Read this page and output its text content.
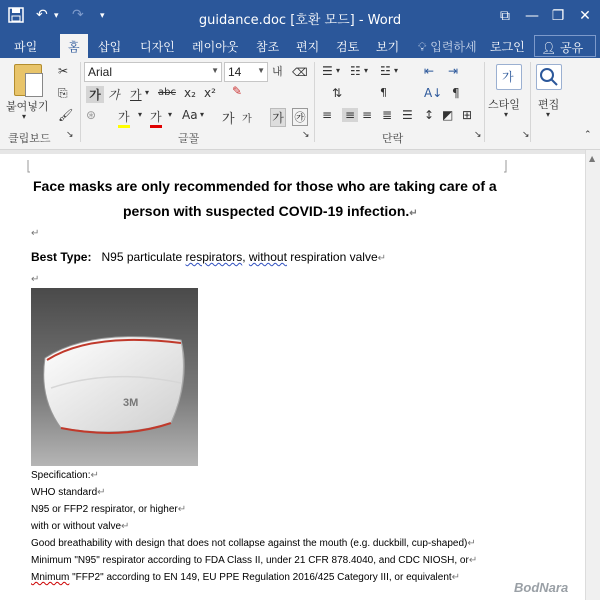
↶ ▾ ↷ ▾	guidance.doc [호환 모드] - Word	⧉	— ❐ ✕
파일	홈	삽입 디자인 레이아웃 참조 편지 검토 보기 💡︎ 입력하세 로그인	👤︎ 공유
붙여넣기
▾
✂
⎘
🖌︎
클립보드 ↘
Arial	▼ 14 ▼ 내 ⌫
가 가 가 ▾ abc x₂ x² ✎
⊛ 가 ▾ 가 ▾ Aa ▾ 가 가 가 ㉮
글꼴	↘
☰ ▾ ☷ ▾ ☳ ▾ ⇤ ⇥
⇅	¶	A↓ ¶
≡ ≡ ≡ ≣ ☰ ↕ ◩ ⊞
단락	↘
가
스타일
▾
↘
편집
▾
⌃
Face masks are only recommended for those who are taking care of a
person with suspected COVID-19 infection.↵
↵
Best Type: N95 particulate respirators, without respiration valve↵
↵
3M
Specification:↵
WHO standard↵
N95 or FFP2 respirator, or higher↵
with or without valve↵
Good breathability with design that does not collapse against the mouth (e.g. duckbill, cup-shaped)↵
Minimum "N95" respirator according to FDA Class II, under 21 CFR 878.4040, and CDC NIOSH, or↵
Mnimum "FFP2" according to EN 149, EU PPE Regulation 2016/425 Category III, or equivalent↵
BodNara
▲
